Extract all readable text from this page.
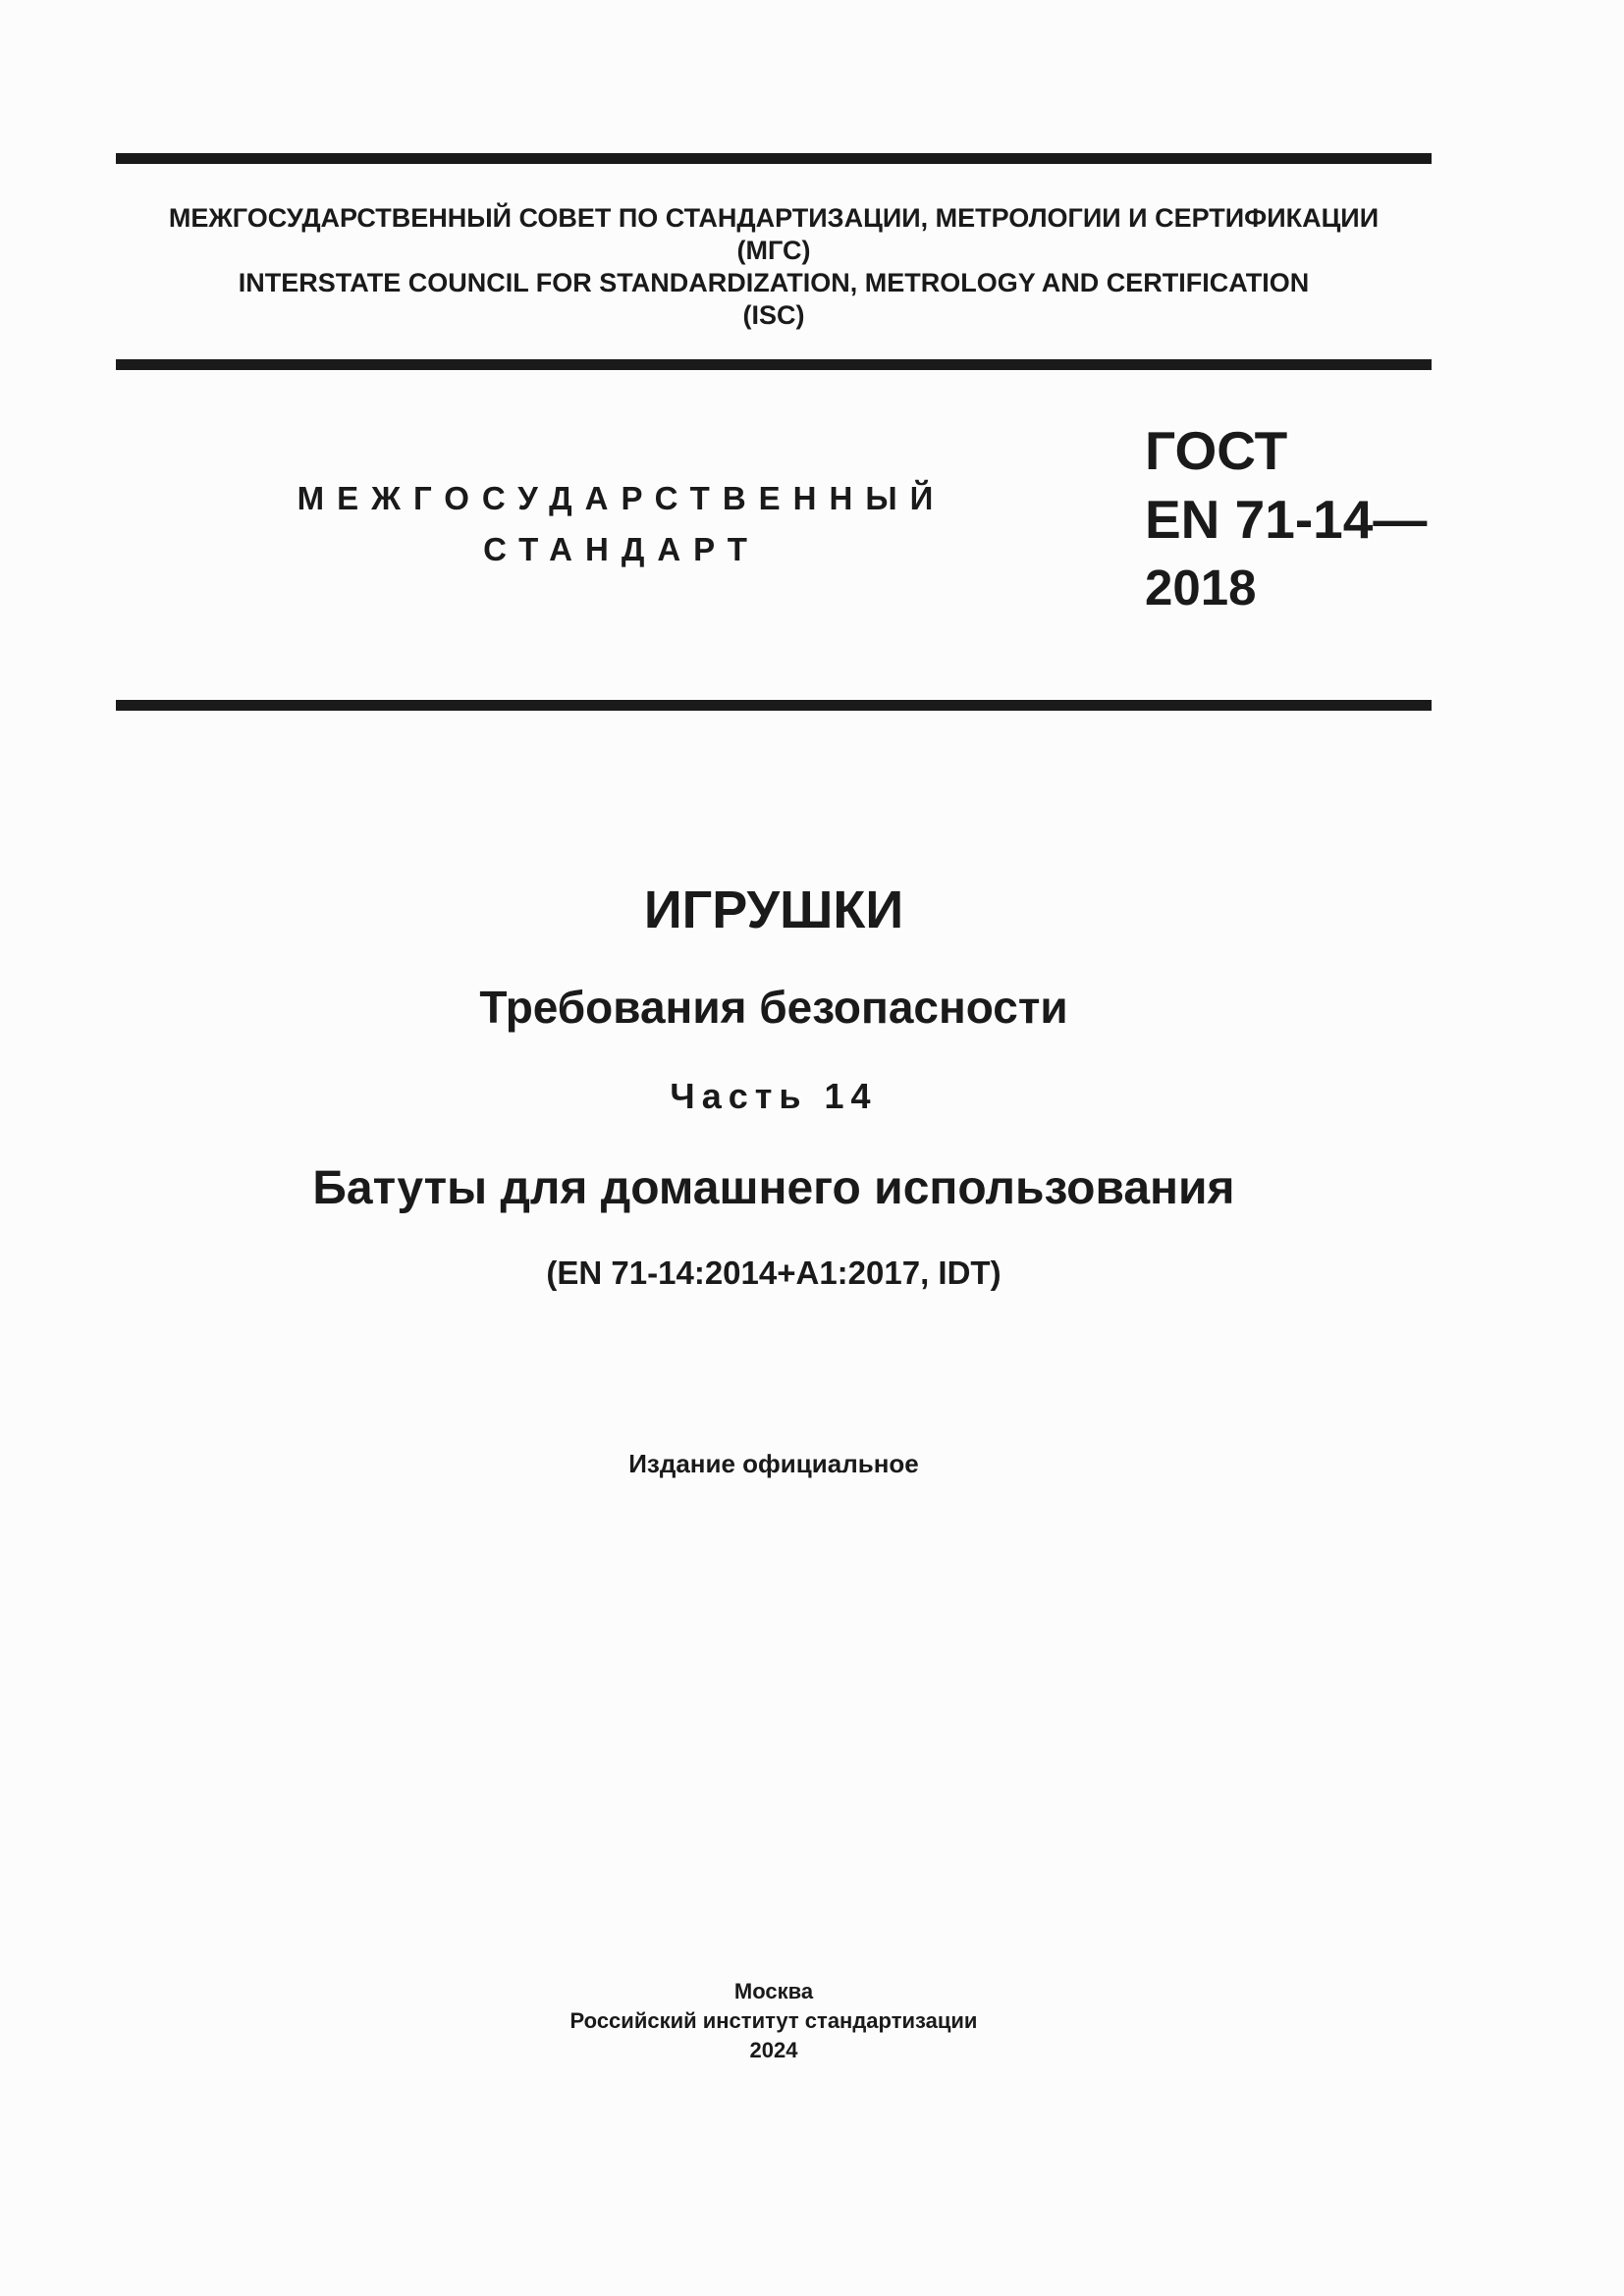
МЕЖГОСУДАРСТВЕННЫЙ СОВЕТ ПО СТАНДАРТИЗАЦИИ, МЕТРОЛОГИИ И СЕРТИФИКАЦИИ
(МГС)
INTERSTATE COUNCIL FOR STANDARDIZATION, METROLOGY AND CERTIFICATION
(ISC)
МЕЖГОСУДАРСТВЕННЫЙ
СТАНДАРТ
ГОСТ
EN 71-14—
2018
ИГРУШКИ
Требования безопасности
Часть 14
Батуты для домашнего использования
(EN 71-14:2014+A1:2017, IDT)
Издание официальное
Москва
Российский институт стандартизации
2024
